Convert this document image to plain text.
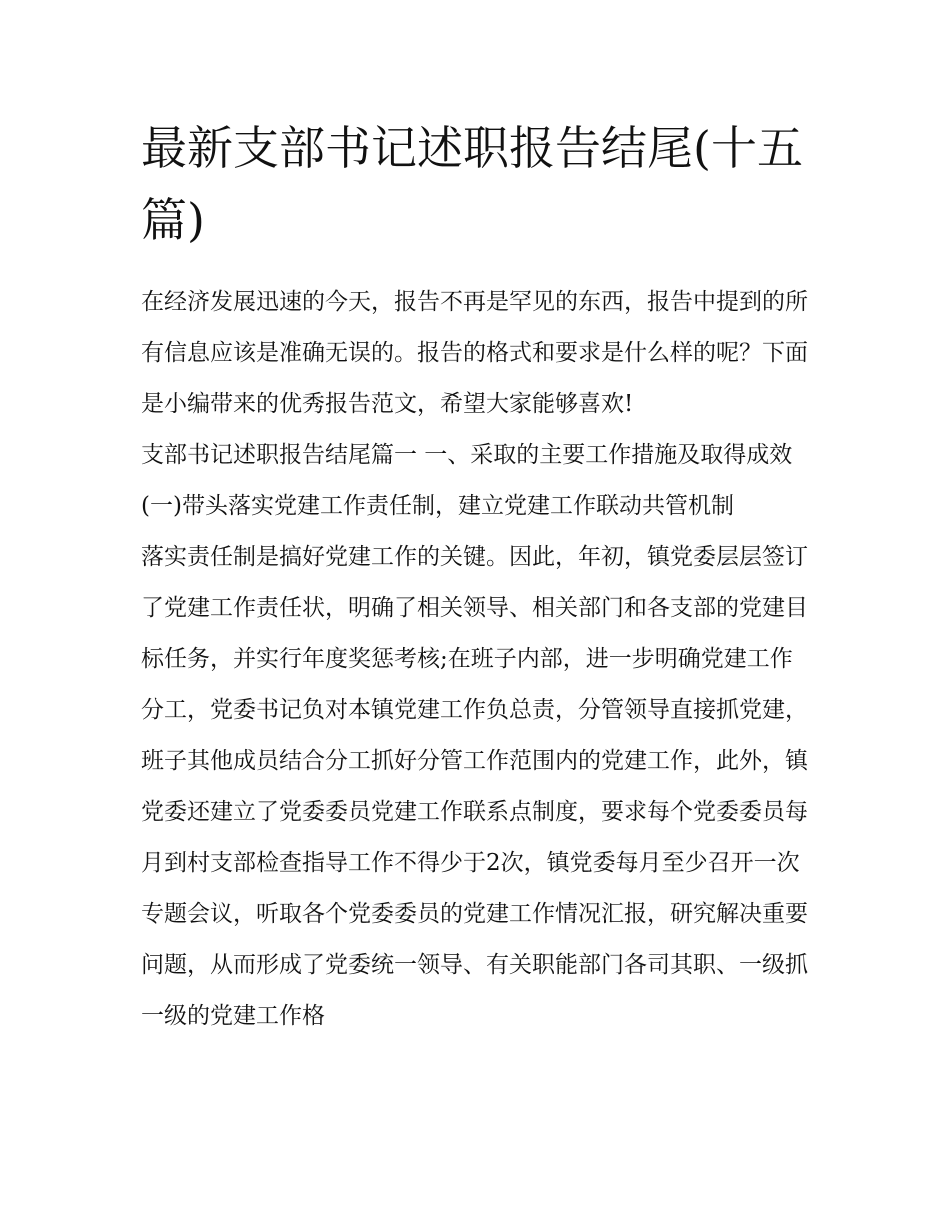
最新支部书记述职报告结尾(十五篇)

在经济发展迅速的今天，报告不再是罕见的东西，报告中提到的所有信息应该是准确无误的。报告的格式和要求是什么样的呢？下面是小编带来的优秀报告范文，希望大家能够喜欢!

支部书记述职报告结尾篇一 一、采取的主要工作措施及取得成效 (一)带头落实党建工作责任制，建立党建工作联动共管机制

落实责任制是搞好党建工作的关键。因此，年初，镇党委层层签订了党建工作责任状，明确了相关领导、相关部门和各支部的党建目标任务，并实行年度奖惩考核;在班子内部，进一步明确党建工作分工，党委书记负对本镇党建工作负总责，分管领导直接抓党建，班子其他成员结合分工抓好分管工作范围内的党建工作，此外，镇党委还建立了党委委员党建工作联系点制度，要求每个党委委员每月到村支部检查指导工作不得少于2次，镇党委每月至少召开一次专题会议，听取各个党委委员的党建工作情况汇报，研究解决重要问题，从而形成了党委统一领导、有关职能部门各司其职、一级抓一级的党建工作格
